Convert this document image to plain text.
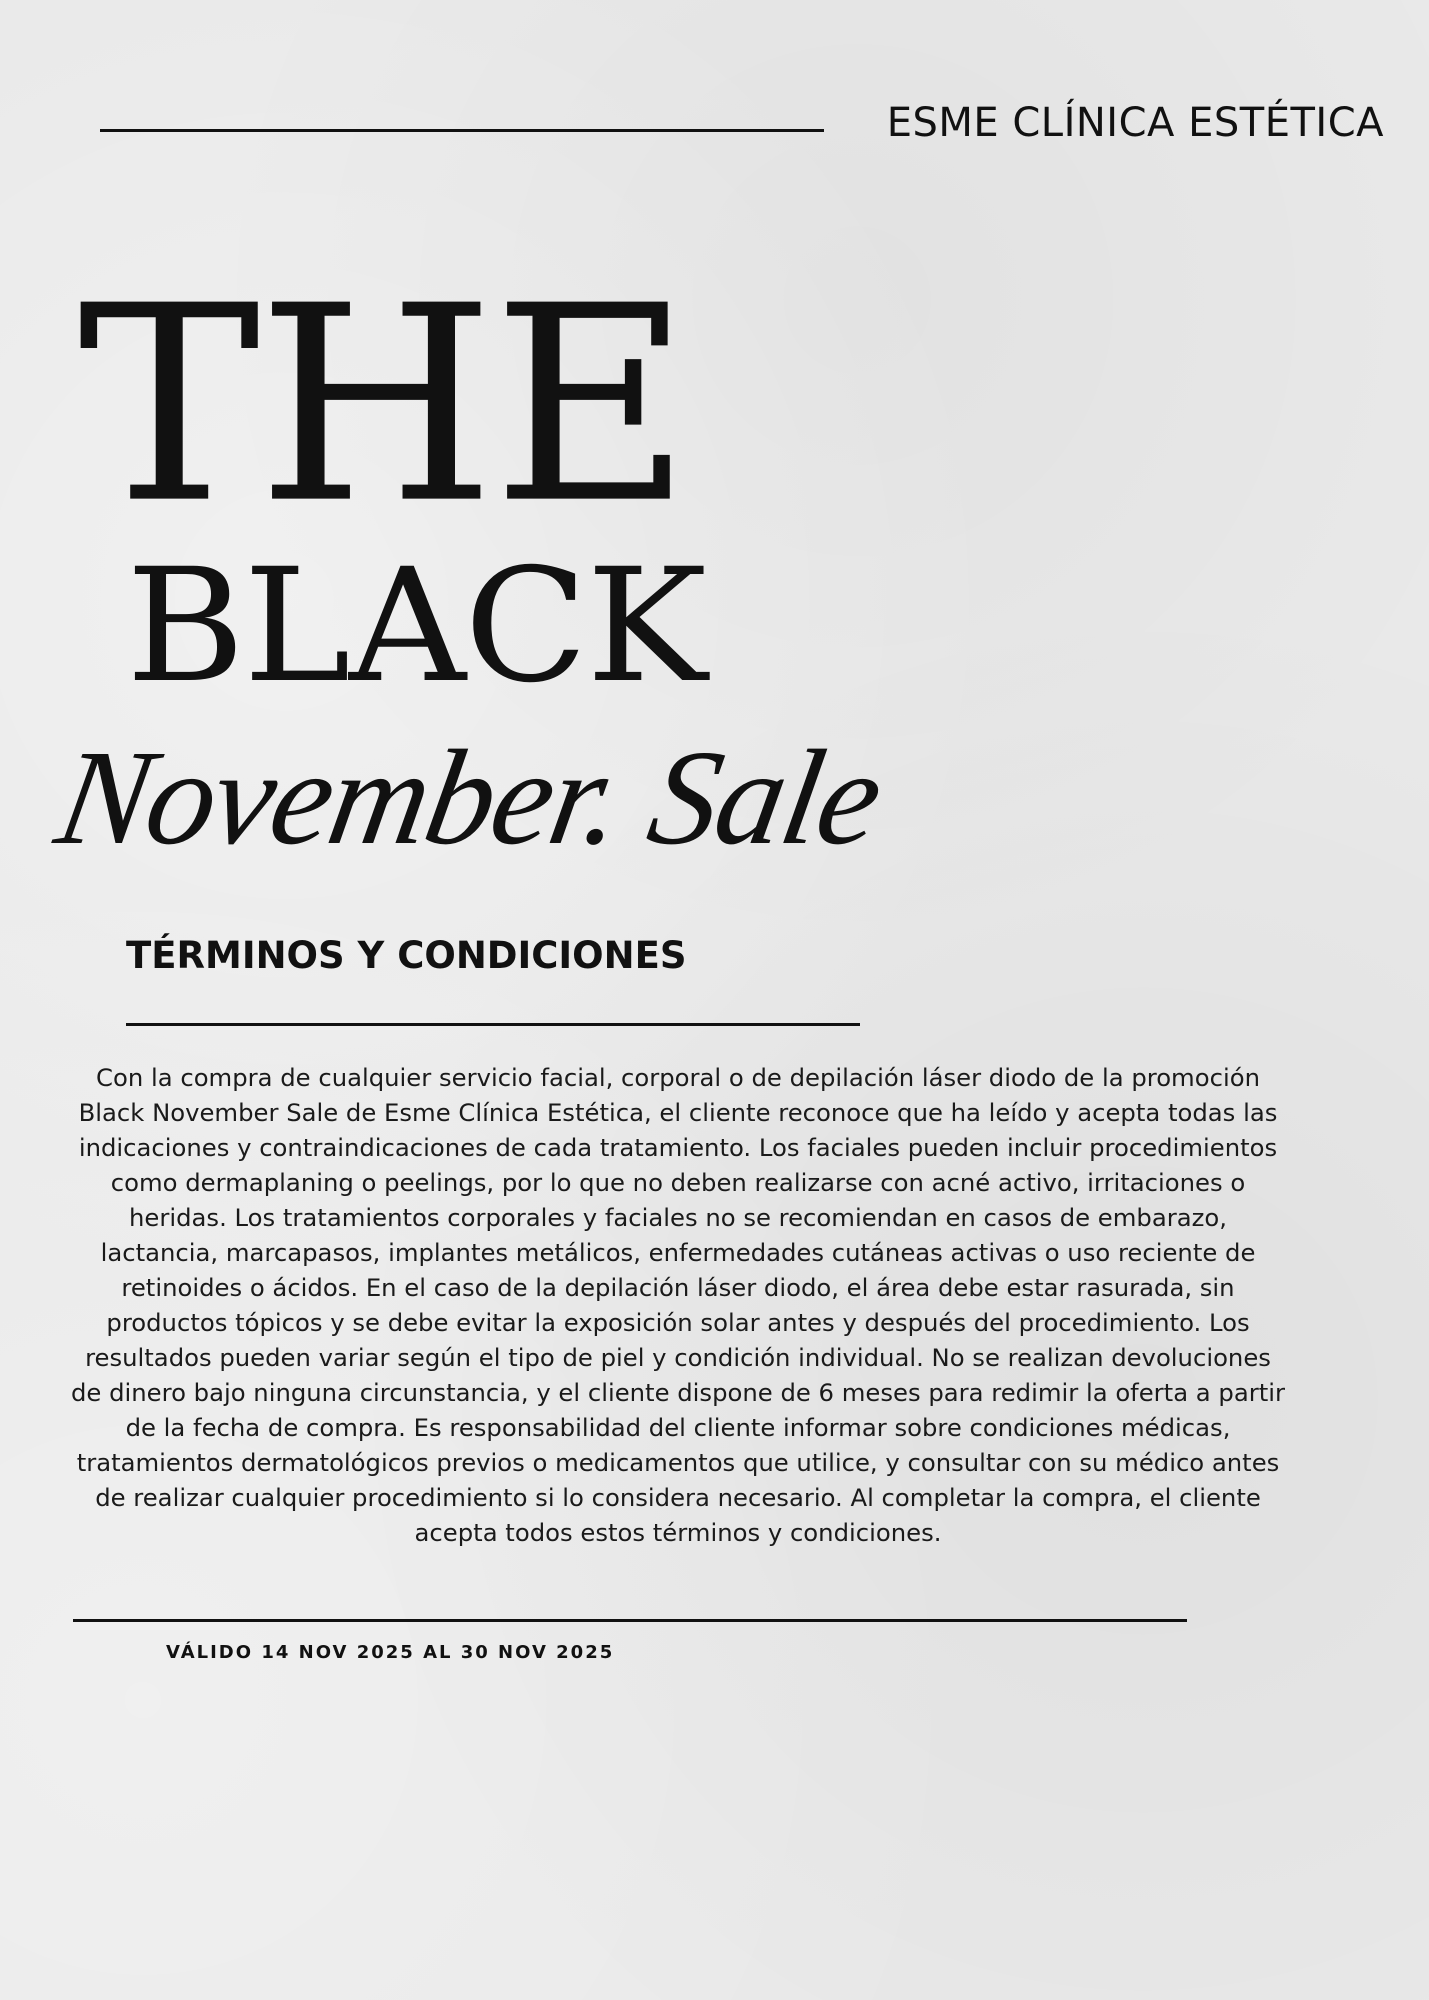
ESME CLÍNICA ESTÉTICA
THE
BLACK
November. Sale
TÉRMINOS Y CONDICIONES

Con la compra de cualquier servicio facial, corporal o de depilación láser diodo de la promoción Black November Sale de Esme Clínica Estética, el cliente reconoce que ha leído y acepta todas las indicaciones y contraindicaciones de cada tratamiento. Los faciales pueden incluir procedimientos como dermaplaning o peelings, por lo que no deben realizarse con acné activo, irritaciones o heridas. Los tratamientos corporales y faciales no se recomiendan en casos de embarazo, lactancia, marcapasos, implantes metálicos, enfermedades cutáneas activas o uso reciente de retinoides o ácidos. En el caso de la depilación láser diodo, el área debe estar rasurada, sin productos tópicos y se debe evitar la exposición solar antes y después del procedimiento. Los resultados pueden variar según el tipo de piel y condición individual. No se realizan devoluciones de dinero bajo ninguna circunstancia, y el cliente dispone de 6 meses para redimir la oferta a partir de la fecha de compra. Es responsabilidad del cliente informar sobre condiciones médicas, tratamientos dermatológicos previos o medicamentos que utilice, y consultar con su médico antes de realizar cualquier procedimiento si lo considera necesario. Al completar la compra, el cliente acepta todos estos términos y condiciones.

VÁLIDO 14 NOV 2025 AL 30 NOV 2025
